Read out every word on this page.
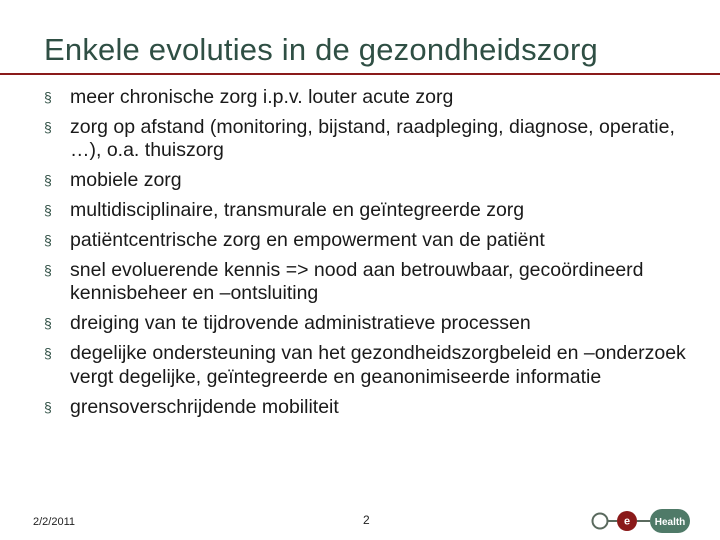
Enkele evoluties in de gezondheidszorg
§ meer chronische zorg i.p.v. louter acute zorg
§ zorg op afstand (monitoring, bijstand, raadpleging, diagnose, operatie, …), o.a. thuiszorg
§ mobiele zorg
§ multidisciplinaire, transmurale en geïntegreerde zorg
§ patiëntcentrische zorg en empowerment van de patiënt
§ snel evoluerende kennis => nood aan betrouwbaar, gecoördineerd kennisbeheer en –ontsluiting
§ dreiging van te tijdrovende administratieve processen
§ degelijke ondersteuning van het gezondheidszorgbeleid en –onderzoek vergt degelijke, geïntegreerde en geanonimiseerde informatie
§ grensoverschrijdende mobiliteit
2/2/2011	2	e Health
